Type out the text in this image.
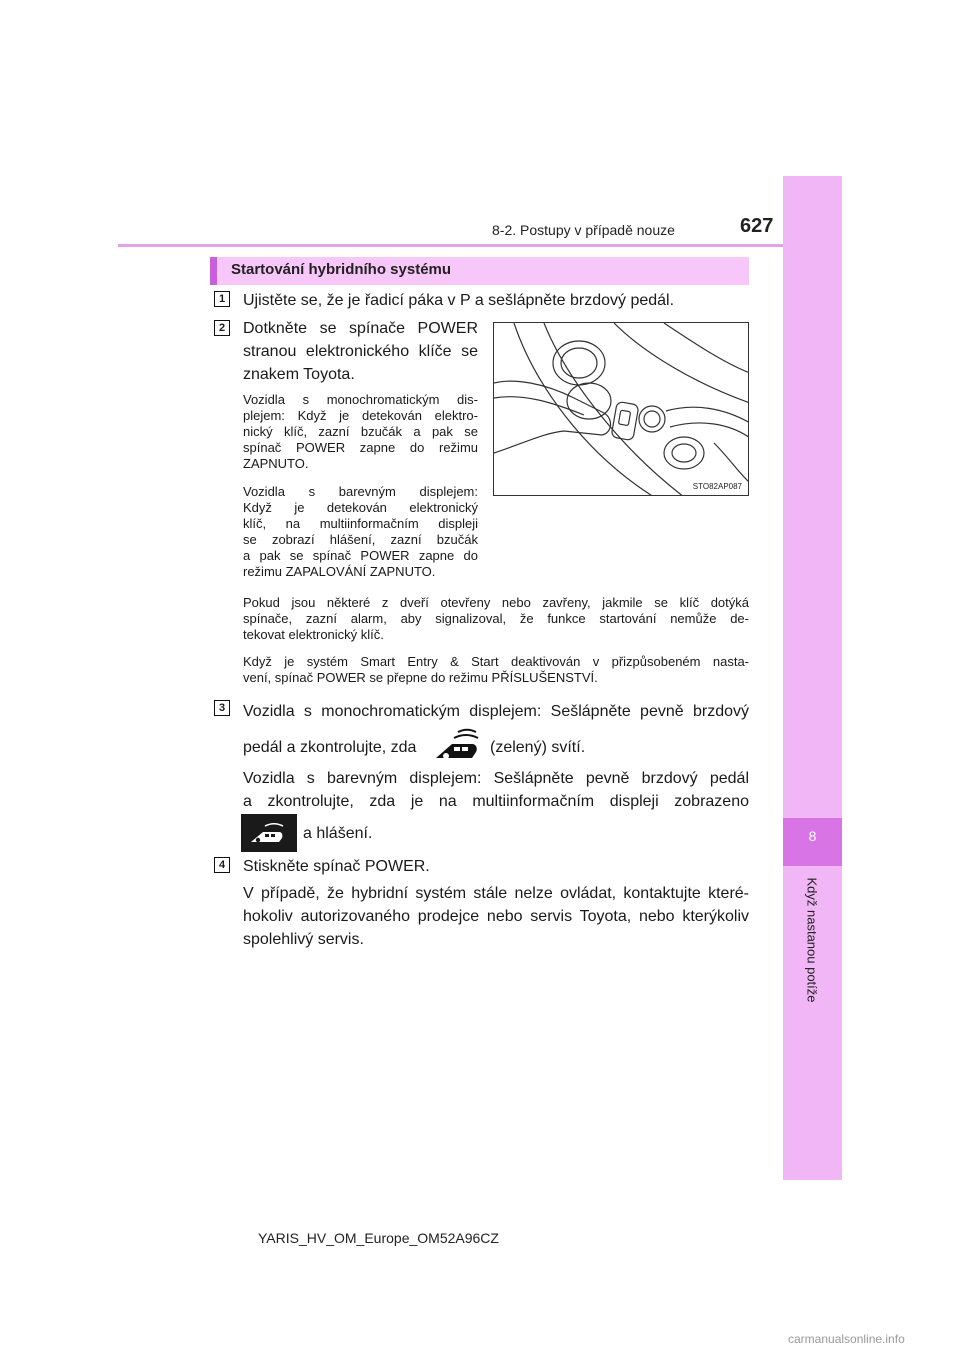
8
Když nastanou potíže
8-2. Postupy v případě nouze	627
Startování hybridního systému
1	Ujistěte se, že je řadicí páka v P a sešlápněte brzdový pedál.
2	Dotkněte se spínače POWER
stranou elektronického klíče se
znakem Toyota.
Vozidla s monochromatickým dis-
plejem: Když je detekován elektro-
nický klíč, zazní bzučák a pak se
spínač POWER zapne do režimu
ZAPNUTO.
Vozidla s barevným displejem:
Když je detekován elektronický
klíč, na multiinformačním displeji
se zobrazí hlášení, zazní bzučák
a pak se spínač POWER zapne do
režimu ZAPALOVÁNÍ ZAPNUTO.
STO82AP087
Pokud jsou některé z dveří otevřeny nebo zavřeny, jakmile se klíč dotýká
spínače, zazní alarm, aby signalizoval, že funkce startování nemůže de-
tekovat elektronický klíč.
Když je systém Smart Entry & Start deaktivován v přizpůsobeném nasta-
vení, spínač POWER se přepne do režimu PŘÍSLUŠENSTVÍ.
3	Vozidla s monochromatickým displejem: Sešlápněte pevně brzdový
pedál a zkontrolujte, zda	(zelený) svítí.
Vozidla s barevným displejem: Sešlápněte pevně brzdový pedál
a zkontrolujte, zda je na multiinformačním displeji zobrazeno
a hlášení.
4	Stiskněte spínač POWER.
V případě, že hybridní systém stále nelze ovládat, kontaktujte které-
hokoliv autorizovaného prodejce nebo servis Toyota, nebo kterýkoliv
spolehlivý servis.
YARIS_HV_OM_Europe_OM52A96CZ
carmanualsonline.info
